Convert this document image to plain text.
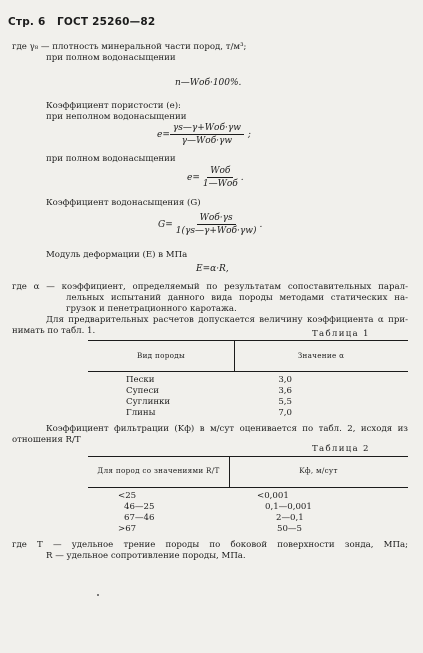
Стр. 6 ГОСТ 25260—82
где γ₈ — плотность минеральной части пород, т/м³;
при полном водонасыщении
n—Wоб·100%.
Коэффициент пористости (e):
при неполном водонасыщении
$e= \frac{\text{γs—γ+Wоб·γw}}{\text{γ—Wоб·γw}}$ ;
при полном водонасыщении
$e= \frac{\text{Wоб}}{\text{1—Wоб}}$ .
Коэффициент водонасыщения (G)
$G= \frac{\text{Wоб·γs}}{\text{1(γs—γ+Wоб·γw)}}$ .
Модуль деформации (E) в МПа
E=α·R,
где α — коэффициент, определяемый по результатам сопоставительных парал-
лельных испытаний данного вида породы методами статических на-
грузок и пенетрационного каротажа.
Для предварительных расчетов допускается величину коэффициента α при-
нимать по табл. 1.	Таблица 1
Вид породы	Значение α
Пески	3,0
Супеси	3,6
Суглинки	5,5
Глины	7,0
Коэффициент фильтрации (Kф) в м/сут оценивается по табл. 2, исходя из
отношения R/T
Таблица 2
Для пород со значениями R/T	Kф, м/сут
<25	<0,001
46—25	0,1—0,001
67—46	2—0,1
>67	50—5
где T — удельное трение породы по боковой поверхности зонда, МПа;
R — удельное сопротивление породы, МПа.
